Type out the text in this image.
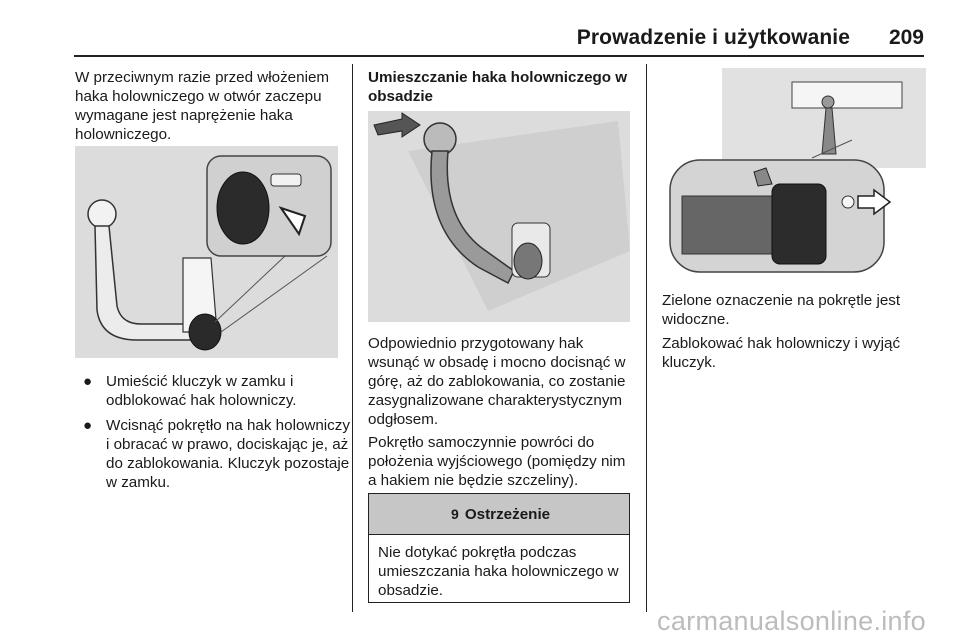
Prowadzenie i użytkowanie 209

W przeciwnym razie przed włożeniem haka holowniczego w otwór zaczepu wymagane jest naprężenie haka holowniczego.

● Umieścić kluczyk w zamku i odblokować hak holowniczy.
● Wcisnąć pokrętło na hak holowniczy i obracać w prawo, dociskając je, aż do zablokowania. Kluczyk pozostaje w zamku.
Umieszczanie haka holowniczego w obsadzie

Odpowiednio przygotowany hak wsunąć w obsadę i mocno docisnąć w górę, aż do zablokowania, co zostanie zasygnalizowane charakterystycznym odgłosem.

Pokrętło samoczynnie powróci do położenia wyjściowego (pomiędzy nim a hakiem nie będzie szczeliny).

9 Ostrzeżenie
Nie dotykać pokrętła podczas umieszczania haka holowniczego w obsadzie.

Zielone oznaczenie na pokrętle jest widoczne.

Zablokować hak holowniczy i wyjąć kluczyk.

carmanualsonline.info
